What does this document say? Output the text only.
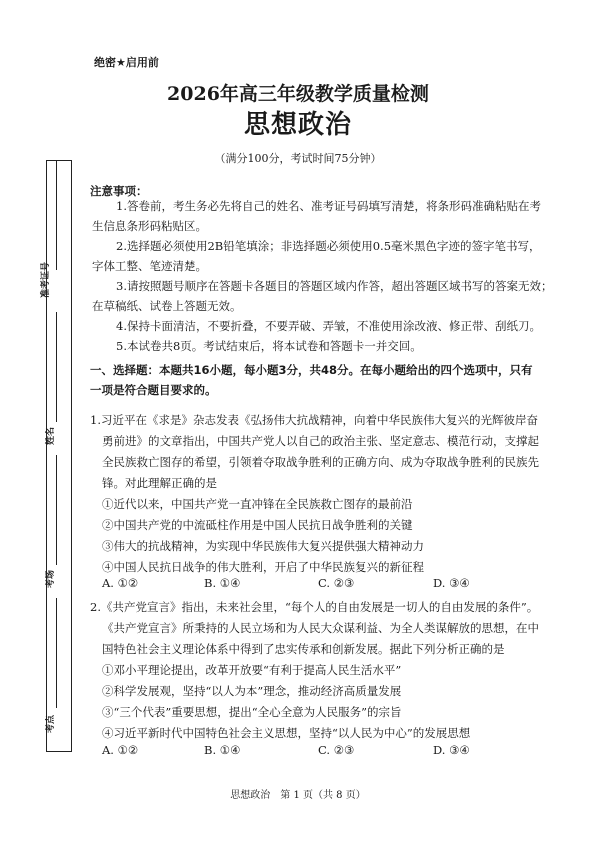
准考证号
姓名
考场
考点
绝密★启用前
2026年高三年级教学质量检测
思想政治
（满分100分，考试时间75分钟）
注意事项：
1.答卷前，考生务必先将自己的姓名、准考证号码填写清楚，将条形码准确粘贴在考
生信息条形码粘贴区。
2.选择题必须使用2B铅笔填涂；非选择题必须使用0.5毫米黑色字迹的签字笔书写，
字体工整、笔迹清楚。
3.请按照题号顺序在答题卡各题目的答题区域内作答，超出答题区域书写的答案无效；
在草稿纸、试卷上答题无效。
4.保持卡面清洁，不要折叠，不要弄破、弄皱，不准使用涂改液、修正带、刮纸刀。
5.本试卷共8页。考试结束后，将本试卷和答题卡一并交回。
一、选择题：本题共16小题，每小题3分，共48分。在每小题给出的四个选项中，只有
一项是符合题目要求的。
1.习近平在《求是》杂志发表《弘扬伟大抗战精神，向着中华民族伟大复兴的光辉彼岸奋
勇前进》的文章指出，中国共产党人以自己的政治主张、坚定意志、模范行动，支撑起
全民族救亡图存的希望，引领着夺取战争胜利的正确方向、成为夺取战争胜利的民族先
锋。对此理解正确的是
①近代以来，中国共产党一直冲锋在全民族救亡图存的最前沿
②中国共产党的中流砥柱作用是中国人民抗日战争胜利的关键
③伟大的抗战精神，为实现中华民族伟大复兴提供强大精神动力
④中国人民抗日战争的伟大胜利，开启了中华民族复兴的新征程
A. ①②	B. ①④	C. ②③	D. ③④
2.《共产党宣言》指出，未来社会里，“每个人的自由发展是一切人的自由发展的条件”。
《共产党宣言》所秉持的人民立场和为人民大众谋利益、为全人类谋解放的思想，在中
国特色社会主义理论体系中得到了忠实传承和创新发展。据此下列分析正确的是
①邓小平理论提出，改革开放要“有利于提高人民生活水平”
②科学发展观，坚持“以人为本”理念，推动经济高质量发展
③“三个代表”重要思想，提出“全心全意为人民服务”的宗旨
④习近平新时代中国特色社会主义思想，坚持“以人民为中心”的发展思想
A. ①②	B. ①④	C. ②③	D. ③④
思想政治　第 1 页（共 8 页）
